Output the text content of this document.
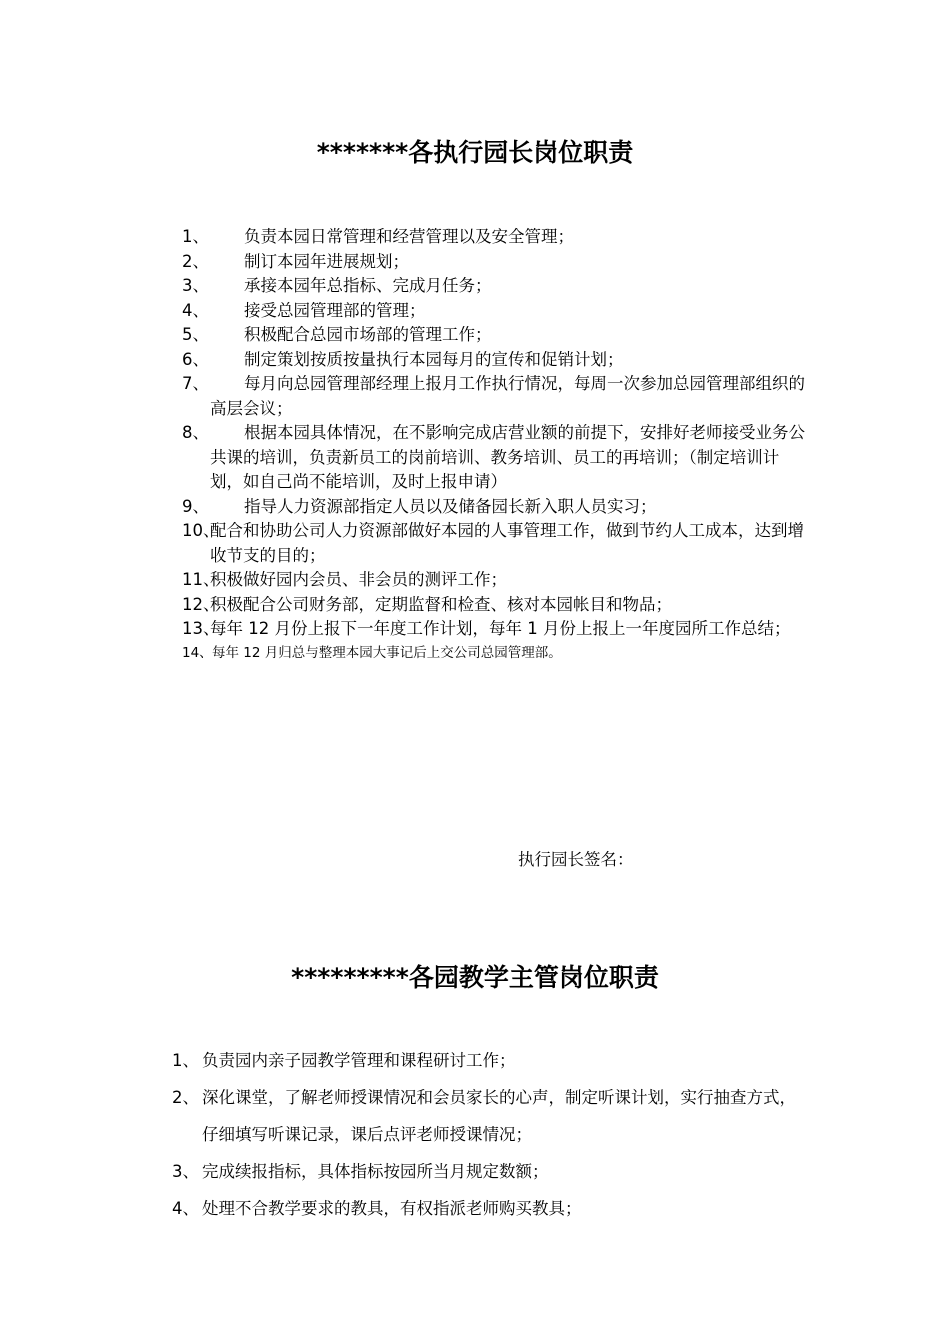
*******各执行园长岗位职责
1、	负责本园日常管理和经营管理以及安全管理；
2、	制订本园年进展规划；
3、	承接本园年总指标、完成月任务；
4、	接受总园管理部的管理；
5、	积极配合总园市场部的管理工作；
6、	制定策划按质按量执行本园每月的宣传和促销计划；
7、	每月向总园管理部经理上报月工作执行情况，每周一次参加总园管理部组织的高层会议；
8、	根据本园具体情况，在不影响完成店营业额的前提下，安排好老师接受业务公共课的培训，负责新员工的岗前培训、教务培训、员工的再培训；（制定培训计划，如自己尚不能培训，及时上报申请）
9、	指导人力资源部指定人员以及储备园长新入职人员实习；
10、
配合和协助公司人力资源部做好本园的人事管理工作，做到节约人工成本，达到增收节支的目的；
11、
积极做好园内会员、非会员的测评工作；
12、
积极配合公司财务部，定期监督和检查、核对本园帐目和物品；
13、
每年 12 月份上报下一年度工作计划，每年 1 月份上报上一年度园所工作总结；
14、 每年 12 月归总与整理本园大事记后上交公司总园管理部。
执行园长签名：
*********各园教学主管岗位职责
1、 负责园内亲子园教学管理和课程研讨工作；
2、 深化课堂，了解老师授课情况和会员家长的心声，制定听课计划，实行抽查方式，仔细填写听课记录，课后点评老师授课情况；
3、 完成续报指标，具体指标按园所当月规定数额；
4、 处理不合教学要求的教具，有权指派老师购买教具；
